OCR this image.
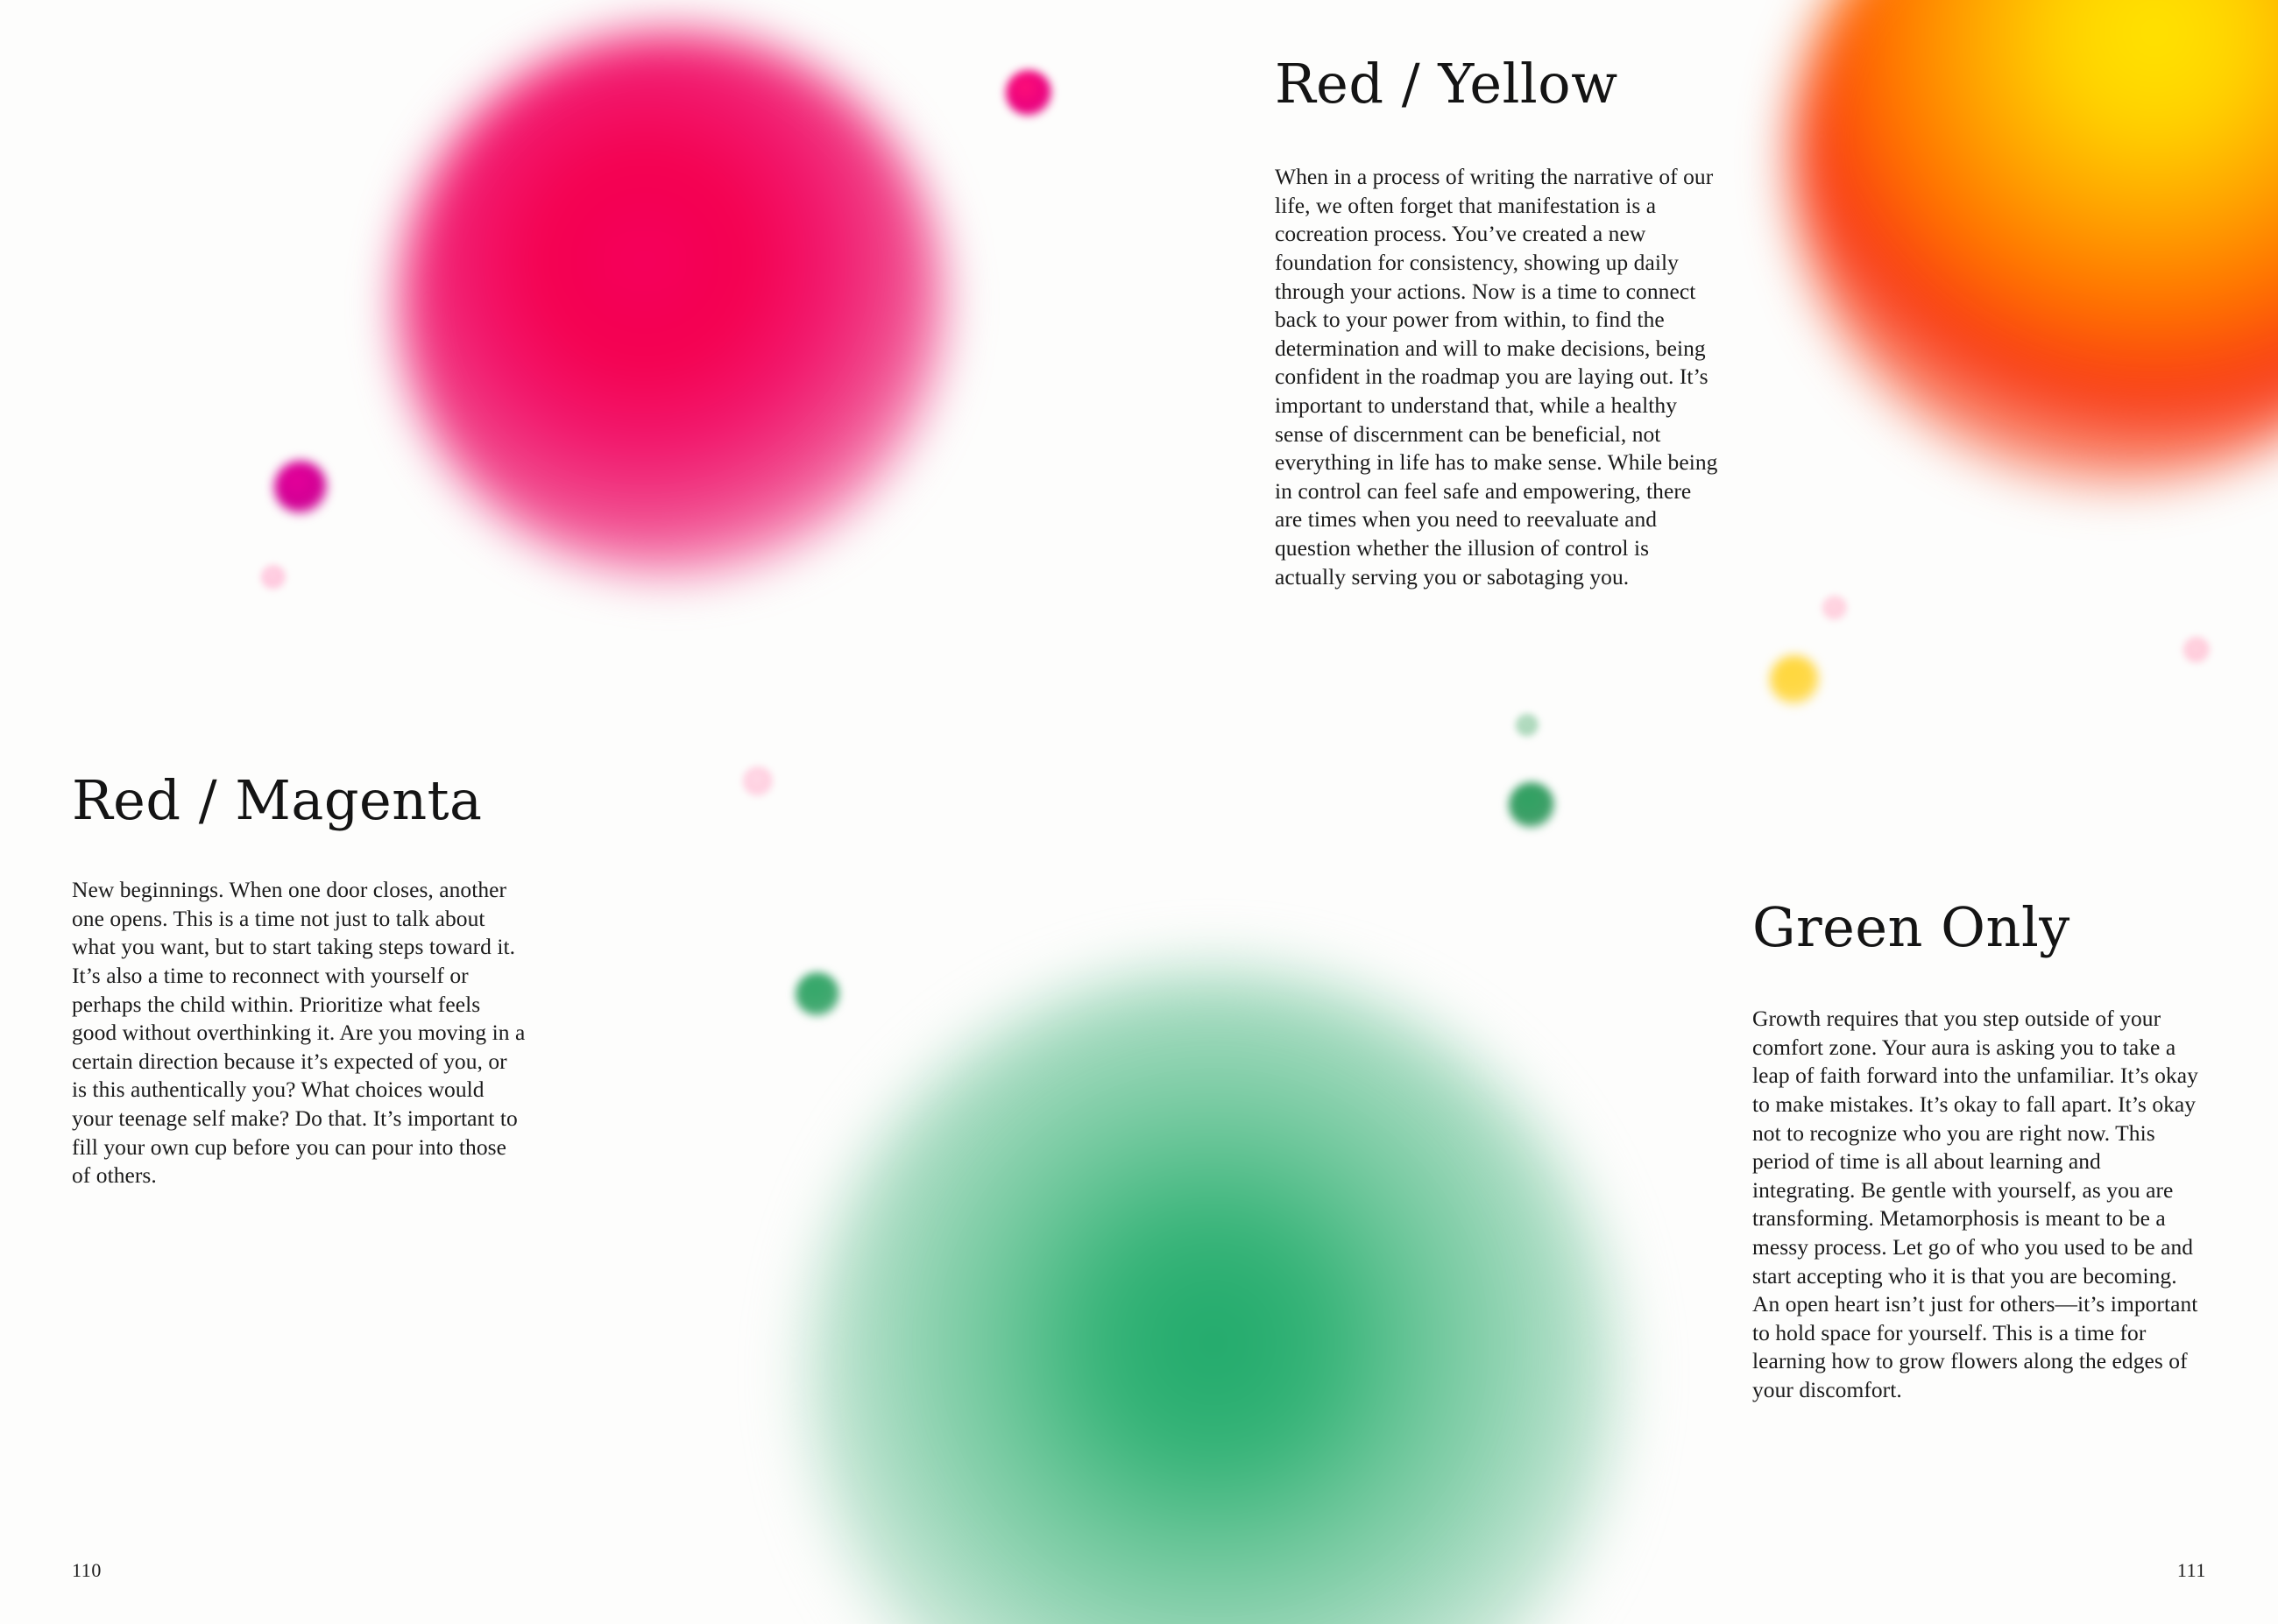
Red / Magenta
New beginnings. When one door closes, another one opens. This is a time not just to talk about what you want, but to start taking steps toward it. It’s also a time to reconnect with yourself or perhaps the child within. Prioritize what feels good without overthinking it. Are you moving in a certain direction because it’s expected of you, or is this authentically you? What choices would your teenage self make? Do that. It’s important to fill your own cup before you can pour into those of others.
Red / Yellow
When in a process of writing the narrative of our life, we often forget that manifestation is a cocreation process. You’ve created a new foundation for consistency, showing up daily through your actions. Now is a time to connect back to your power from within, to find the determination and will to make decisions, being confident in the roadmap you are laying out. It’s important to understand that, while a healthy sense of discernment can be beneficial, not everything in life has to make sense. While being in control can feel safe and empowering, there are times when you need to reevaluate and question whether the illusion of control is actually serving you or sabotaging you.
Green Only
Growth requires that you step outside of your comfort zone. Your aura is asking you to take a leap of faith forward into the unfamiliar. It’s okay to make mistakes. It’s okay to fall apart. It’s okay not to recognize who you are right now. This period of time is all about learning and integrating. Be gentle with yourself, as you are transforming. Metamorphosis is meant to be a messy process. Let go of who you used to be and start accepting who it is that you are becoming. An open heart isn’t just for others—it’s important to hold space for yourself. This is a time for learning how to grow flowers along the edges of your discomfort.
110	111
